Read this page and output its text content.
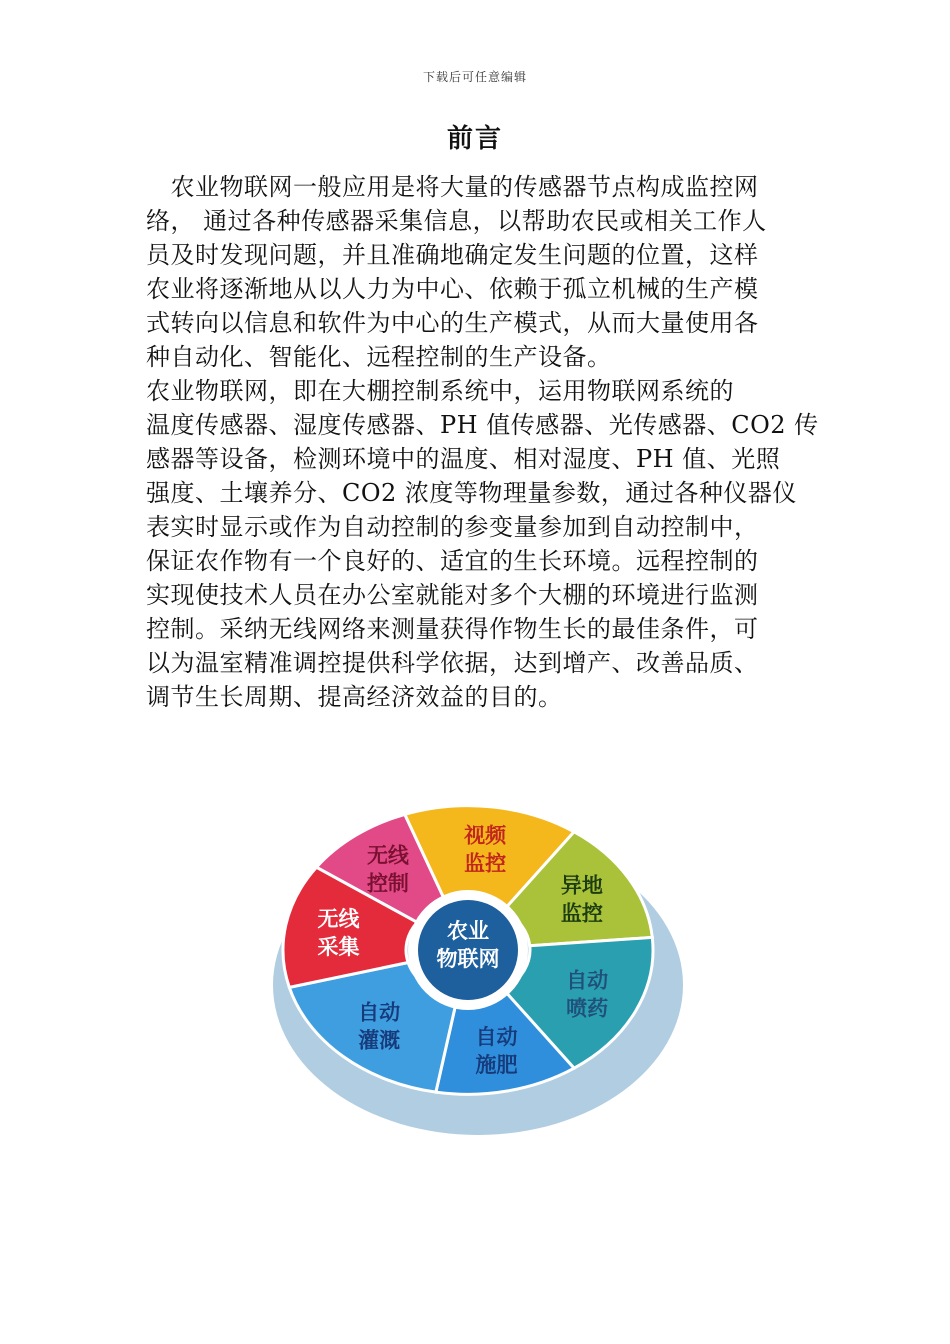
下载后可任意编辑
前言
　农业物联网一般应用是将大量的传感器节点构成监控网
络， 通过各种传感器采集信息，以帮助农民或相关工作人
员及时发现问题，并且准确地确定发生问题的位置，这样
农业将逐渐地从以人力为中心、依赖于孤立机械的生产模
式转向以信息和软件为中心的生产模式，从而大量使用各
种自动化、智能化、远程控制的生产设备。
农业物联网，即在大棚控制系统中，运用物联网系统的
温度传感器、湿度传感器、PH 值传感器、光传感器、CO2 传
感器等设备，检测环境中的温度、相对湿度、PH 值、光照
强度、土壤养分、CO2 浓度等物理量参数，通过各种仪器仪
表实时显示或作为自动控制的参变量参加到自动控制中，
保证农作物有一个良好的、适宜的生长环境。远程控制的
实现使技术人员在办公室就能对多个大棚的环境进行监测
控制。采纳无线网络来测量获得作物生长的最佳条件，可
以为温室精准调控提供科学依据，达到增产、改善品质、
调节生长周期、提高经济效益的目的。
视频
监控
异地
监控
自动
喷药
自动
施肥
自动
灌溉
无线
采集
无线
控制
农业
物联网
